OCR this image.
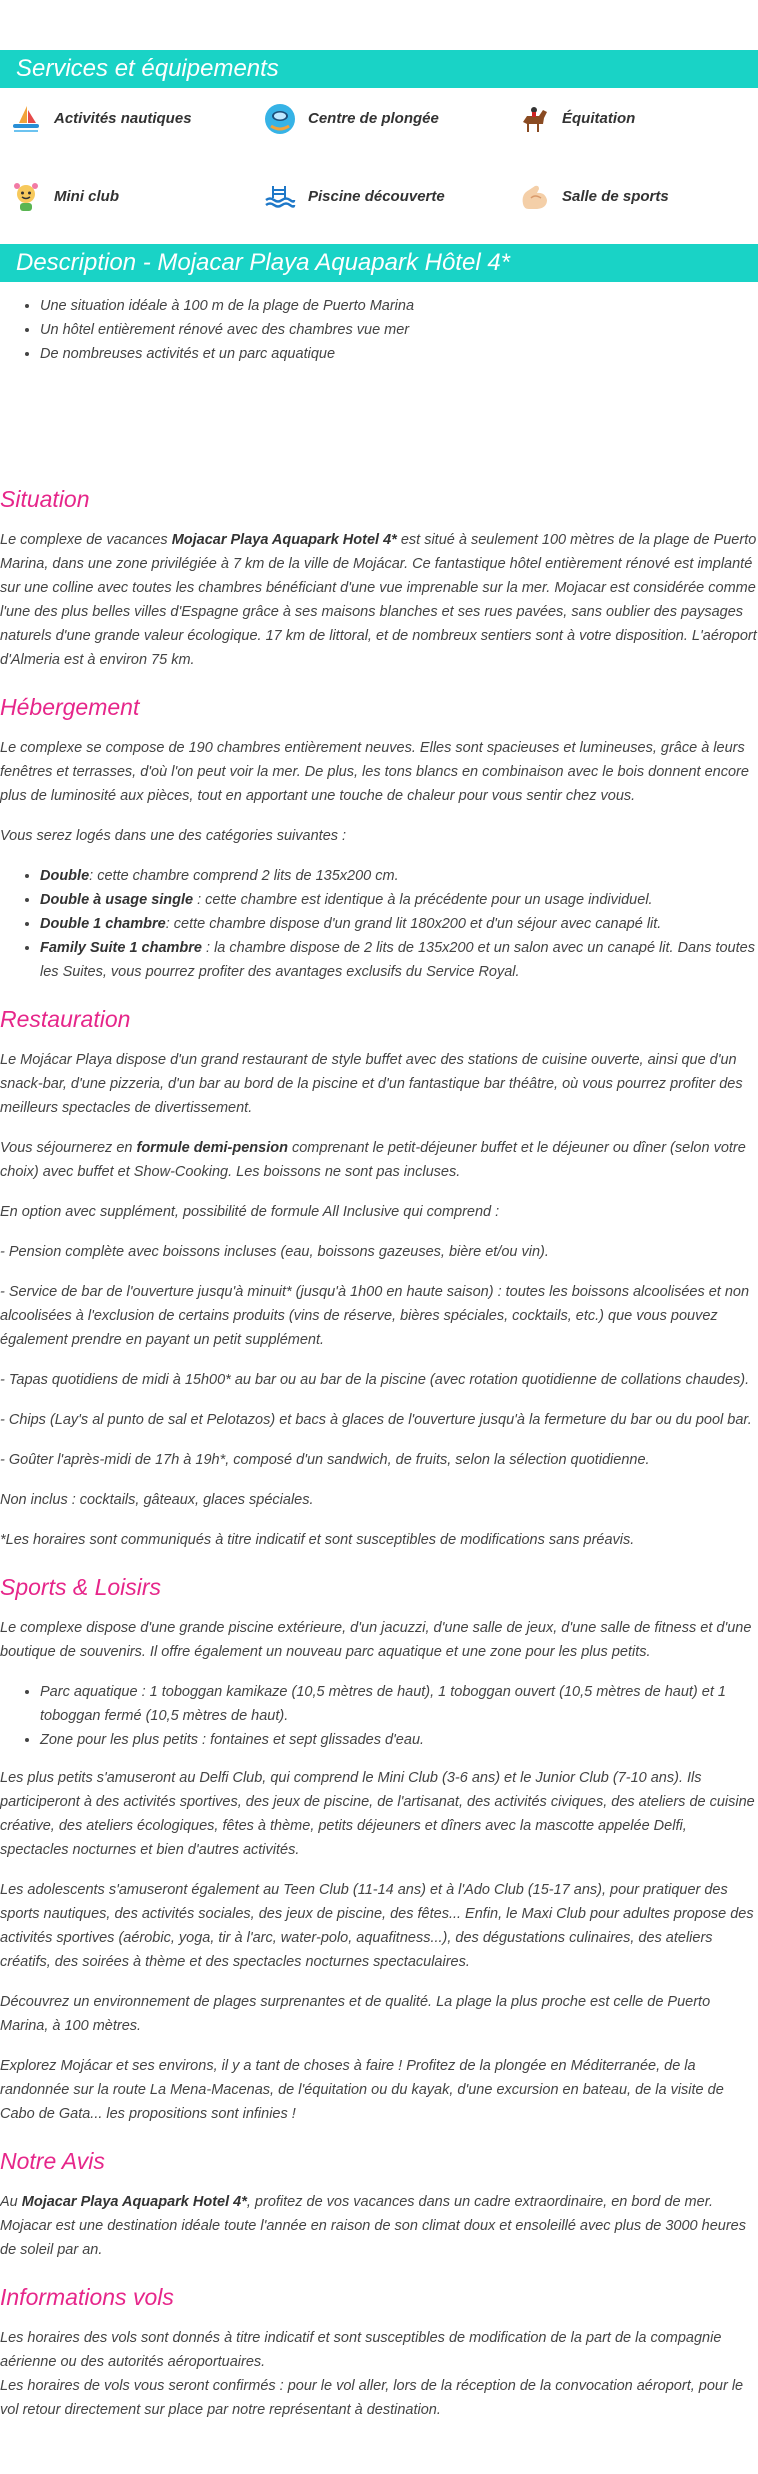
Services et équipements
Activités nautiques	Centre de plongée	Équitation
Mini club	Piscine découverte	Salle de sports
Description - Mojacar Playa Aquapark Hôtel 4*
• Une situation idéale à 100 m de la plage de Puerto Marina
• Un hôtel entièrement rénové avec des chambres vue mer
• De nombreuses activités et un parc aquatique
Situation

Le complexe de vacances Mojacar Playa Aquapark Hotel 4* est situé à seulement 100 mètres de la plage de Puerto Marina, dans une zone privilégiée à 7 km de la ville de Mojácar. Ce fantastique hôtel entièrement rénové est implanté sur une colline avec toutes les chambres bénéficiant d'une vue imprenable sur la mer. Mojacar est considérée comme l'une des plus belles villes d'Espagne grâce à ses maisons blanches et ses rues pavées, sans oublier des paysages naturels d'une grande valeur écologique. 17 km de littoral, et de nombreux sentiers sont à votre disposition. L'aéroport d'Almeria est à environ 75 km.

Hébergement

Le complexe se compose de 190 chambres entièrement neuves. Elles sont spacieuses et lumineuses, grâce à leurs fenêtres et terrasses, d'où l'on peut voir la mer. De plus, les tons blancs en combinaison avec le bois donnent encore plus de luminosité aux pièces, tout en apportant une touche de chaleur pour vous sentir chez vous.

Vous serez logés dans une des catégories suivantes :

• Double: cette chambre comprend 2 lits de 135x200 cm.
• Double à usage single : cette chambre est identique à la précédente pour un usage individuel.
• Double 1 chambre: cette chambre dispose d'un grand lit 180x200 et d'un séjour avec canapé lit.
• Family Suite 1 chambre : la chambre dispose de 2 lits de 135x200 et un salon avec un canapé lit. Dans toutes les Suites, vous pourrez profiter des avantages exclusifs du Service Royal.
Restauration

Le Mojácar Playa dispose d'un grand restaurant de style buffet avec des stations de cuisine ouverte, ainsi que d'un snack-bar, d'une pizzeria, d'un bar au bord de la piscine et d'un fantastique bar théâtre, où vous pourrez profiter des meilleurs spectacles de divertissement.

Vous séjournerez en formule demi-pension comprenant le petit-déjeuner buffet et le déjeuner ou dîner (selon votre choix) avec buffet et Show-Cooking. Les boissons ne sont pas incluses.

En option avec supplément, possibilité de formule All Inclusive qui comprend :

- Pension complète avec boissons incluses (eau, boissons gazeuses, bière et/ou vin).

- Service de bar de l'ouverture jusqu'à minuit* (jusqu'à 1h00 en haute saison) : toutes les boissons alcoolisées et non alcoolisées à l'exclusion de certains produits (vins de réserve, bières spéciales, cocktails, etc.) que vous pouvez également prendre en payant un petit supplément.

- Tapas quotidiens de midi à 15h00* au bar ou au bar de la piscine (avec rotation quotidienne de collations chaudes).

- Chips (Lay's al punto de sal et Pelotazos) et bacs à glaces de l'ouverture jusqu'à la fermeture du bar ou du pool bar.

- Goûter l'après-midi de 17h à 19h*, composé d'un sandwich, de fruits, selon la sélection quotidienne.

Non inclus : cocktails, gâteaux, glaces spéciales.

*Les horaires sont communiqués à titre indicatif et sont susceptibles de modifications sans préavis.

Sports & Loisirs

Le complexe dispose d'une grande piscine extérieure, d'un jacuzzi, d'une salle de jeux, d'une salle de fitness et d'une boutique de souvenirs. Il offre également un nouveau parc aquatique et une zone pour les plus petits.

• Parc aquatique : 1 toboggan kamikaze (10,5 mètres de haut), 1 toboggan ouvert (10,5 mètres de haut) et 1 toboggan fermé (10,5 mètres de haut).
• Zone pour les plus petits : fontaines et sept glissades d'eau.

Les plus petits s'amuseront au Delfi Club, qui comprend le Mini Club (3-6 ans) et le Junior Club (7-10 ans). Ils participeront à des activités sportives, des jeux de piscine, de l'artisanat, des activités civiques, des ateliers de cuisine créative, des ateliers écologiques, fêtes à thème, petits déjeuners et dîners avec la mascotte appelée Delfi, spectacles nocturnes et bien d'autres activités.

Les adolescents s'amuseront également au Teen Club (11-14 ans) et à l'Ado Club (15-17 ans), pour pratiquer des sports nautiques, des activités sociales, des jeux de piscine, des fêtes... Enfin, le Maxi Club pour adultes propose des activités sportives (aérobic, yoga, tir à l'arc, water-polo, aquafitness...), des dégustations culinaires, des ateliers créatifs, des soirées à thème et des spectacles nocturnes spectaculaires.

Découvrez un environnement de plages surprenantes et de qualité. La plage la plus proche est celle de Puerto Marina, à 100 mètres.

Explorez Mojácar et ses environs, il y a tant de choses à faire ! Profitez de la plongée en Méditerranée, de la randonnée sur la route La Mena-Macenas, de l'équitation ou du kayak, d'une excursion en bateau, de la visite de Cabo de Gata... les propositions sont infinies !

Notre Avis

Au Mojacar Playa Aquapark Hotel 4*, profitez de vos vacances dans un cadre extraordinaire, en bord de mer. Mojacar est une destination idéale toute l'année en raison de son climat doux et ensoleillé avec plus de 3000 heures de soleil par an.

Informations vols

Les horaires des vols sont donnés à titre indicatif et sont susceptibles de modification de la part de la compagnie aérienne ou des autorités aéroportuaires.

Les horaires de vols vous seront confirmés : pour le vol aller, lors de la réception de la convocation aéroport, pour le vol retour directement sur place par notre représentant à destination.
